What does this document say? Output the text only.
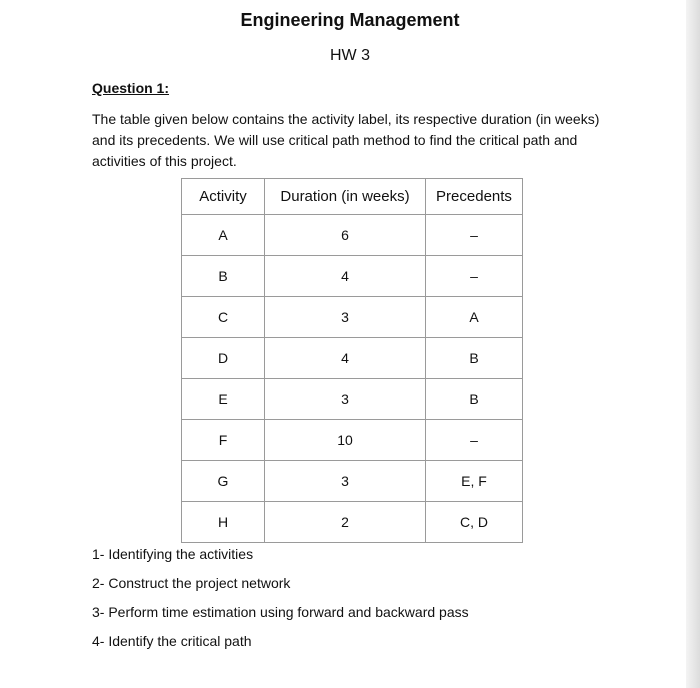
Engineering Management
HW 3
Question 1:
The table given below contains the activity label, its respective duration (in weeks) and its precedents. We will use critical path method to find the critical path and activities of this project.
Activity	Duration (in weeks)	Precedents
A	6	–
B	4	–
C	3	A
D	4	B
E	3	B
F	10	–
G	3	E, F
H	2	C, D
1- Identifying the activities
2- Construct the project network
3- Perform time estimation using forward and backward pass
4- Identify the critical path
